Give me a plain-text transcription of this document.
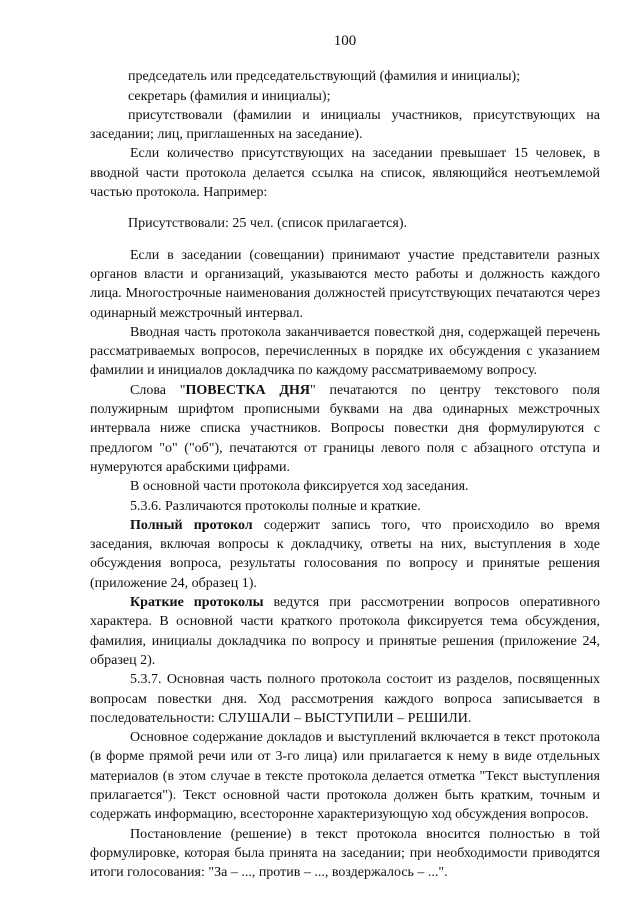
100

председатель или председательствующий (фамилия и инициалы);

секретарь (фамилия и инициалы);

присутствовали (фамилии и инициалы участников, присутствующих на заседании; лиц, приглашенных на заседание).

Если количество присутствующих на заседании превышает 15 человек, в вводной части протокола делается ссылка на список, являющийся неотъемлемой частью протокола. Например:

Присутствовали: 25 чел. (список прилагается).

Если в заседании (совещании) принимают участие представители разных органов власти и организаций, указываются место работы и должность каждого лица. Многострочные наименования должностей присутствующих печатаются через одинарный межстрочный интервал.

Вводная часть протокола заканчивается повесткой дня, содержащей перечень рассматриваемых вопросов, перечисленных в порядке их обсуждения с указанием фамилии и инициалов докладчика по каждому рассматриваемому вопросу.

Слова "ПОВЕСТКА ДНЯ" печатаются по центру текстового поля полужирным шрифтом прописными буквами на два одинарных межстрочных интервала ниже списка участников. Вопросы повестки дня формулируются с предлогом "о" ("об"), печатаются от границы левого поля с абзацного отступа и нумеруются арабскими цифрами.

В основной части протокола фиксируется ход заседания.

5.3.6. Различаются протоколы полные и краткие.

Полный протокол содержит запись того, что происходило во время заседания, включая вопросы к докладчику, ответы на них, выступления в ходе обсуждения вопроса, результаты голосования по вопросу и принятые решения (приложение 24, образец 1).

Краткие протоколы ведутся при рассмотрении вопросов оперативного характера. В основной части краткого протокола фиксируется тема обсуждения, фамилия, инициалы докладчика по вопросу и принятые решения (приложение 24, образец 2).

5.3.7. Основная часть полного протокола состоит из разделов, посвященных вопросам повестки дня. Ход рассмотрения каждого вопроса записывается в последовательности: СЛУШАЛИ – ВЫСТУПИЛИ – РЕШИЛИ.

Основное содержание докладов и выступлений включается в текст протокола (в форме прямой речи или от 3-го лица) или прилагается к нему в виде отдельных материалов (в этом случае в тексте протокола делается отметка "Текст выступления прилагается"). Текст основной части протокола должен быть кратким, точным и содержать информацию, всесторонне характеризующую ход обсуждения вопросов.

Постановление (решение) в текст протокола вносится полностью в той формулировке, которая была принята на заседании; при необходимости приводятся итоги голосования: "За – ..., против – ..., воздержалось – ...".
